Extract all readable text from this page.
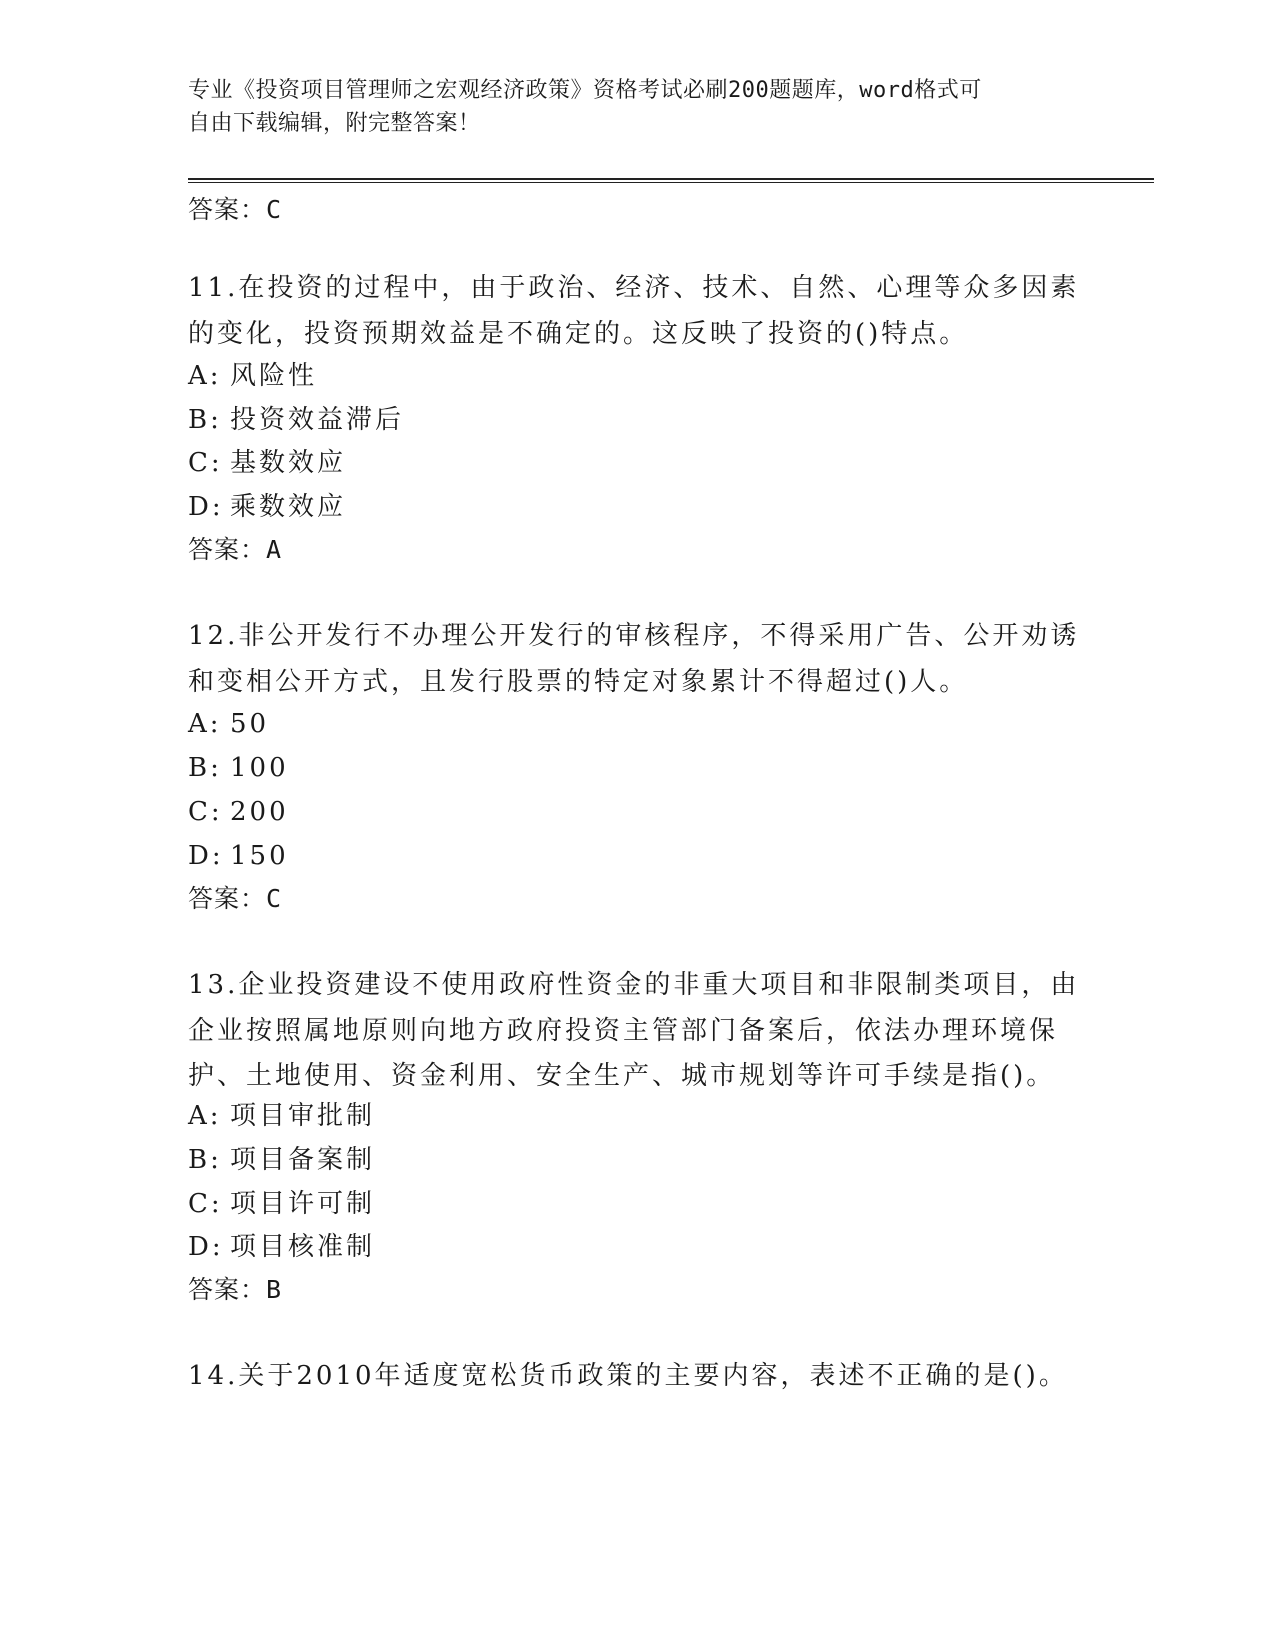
专业《投资项目管理师之宏观经济政策》资格考试必刷200题题库，word格式可
自由下载编辑，附完整答案！
答案：C
11.在投资的过程中，由于政治、经济、技术、自然、心理等众多因素
的变化，投资预期效益是不确定的。这反映了投资的()特点。
A: 风险性
B: 投资效益滞后
C: 基数效应
D: 乘数效应
答案：A
12.非公开发行不办理公开发行的审核程序，不得采用广告、公开劝诱
和变相公开方式，且发行股票的特定对象累计不得超过()人。
A: 50
B: 100
C: 200
D: 150
答案：C
13.企业投资建设不使用政府性资金的非重大项目和非限制类项目，由
企业按照属地原则向地方政府投资主管部门备案后，依法办理环境保
护、土地使用、资金利用、安全生产、城市规划等许可手续是指()。
A: 项目审批制
B: 项目备案制
C: 项目许可制
D: 项目核准制
答案：B
14.关于2010年适度宽松货币政策的主要内容，表述不正确的是()。
